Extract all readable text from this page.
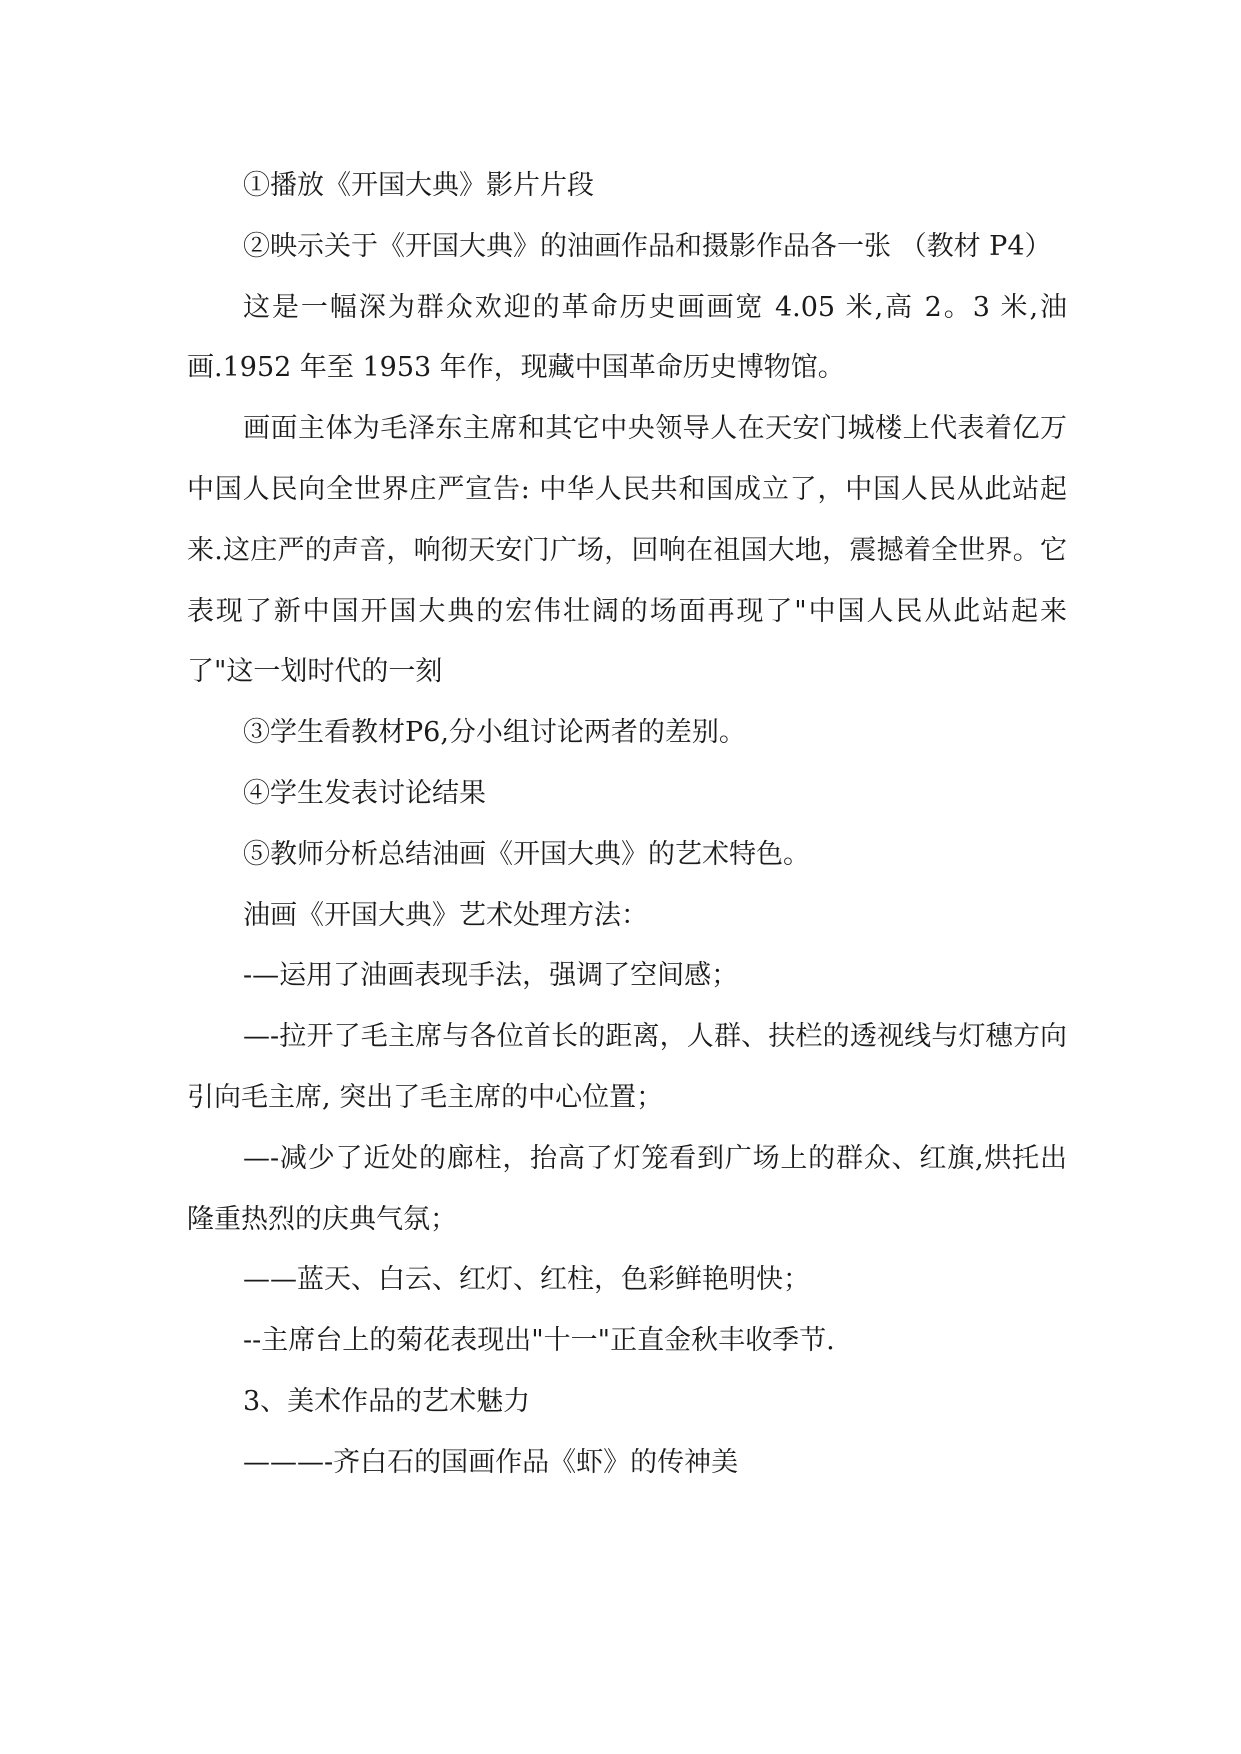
①播放《开国大典》影片片段

②映示关于《开国大典》的油画作品和摄影作品各一张 （教材 P4）

这是一幅深为群众欢迎的革命历史画画宽 4.05 米,高 2。3 米,油画.1952 年至 1953 年作，现藏中国革命历史博物馆。

画面主体为毛泽东主席和其它中央领导人在天安门城楼上代表着亿万中国人民向全世界庄严宣告: 中华人民共和国成立了，中国人民从此站起来.这庄严的声音，响彻天安门广场，回响在祖国大地，震撼着全世界。它表现了新中国开国大典的宏伟壮阔的场面再现了"中国人民从此站起来了"这一划时代的一刻

③学生看教材P6,分小组讨论两者的差别。

④学生发表讨论结果

⑤教师分析总结油画《开国大典》的艺术特色。

油画《开国大典》艺术处理方法：

-—运用了油画表现手法，强调了空间感；

—-拉开了毛主席与各位首长的距离，人群、扶栏的透视线与灯穗方向引向毛主席, 突出了毛主席的中心位置；

—-减少了近处的廊柱，抬高了灯笼看到广场上的群众、红旗,烘托出隆重热烈的庆典气氛；

——蓝天、白云、红灯、红柱，色彩鲜艳明快；

--主席台上的菊花表现出"十一"正直金秋丰收季节.

3、美术作品的艺术魅力

———-齐白石的国画作品《虾》的传神美
